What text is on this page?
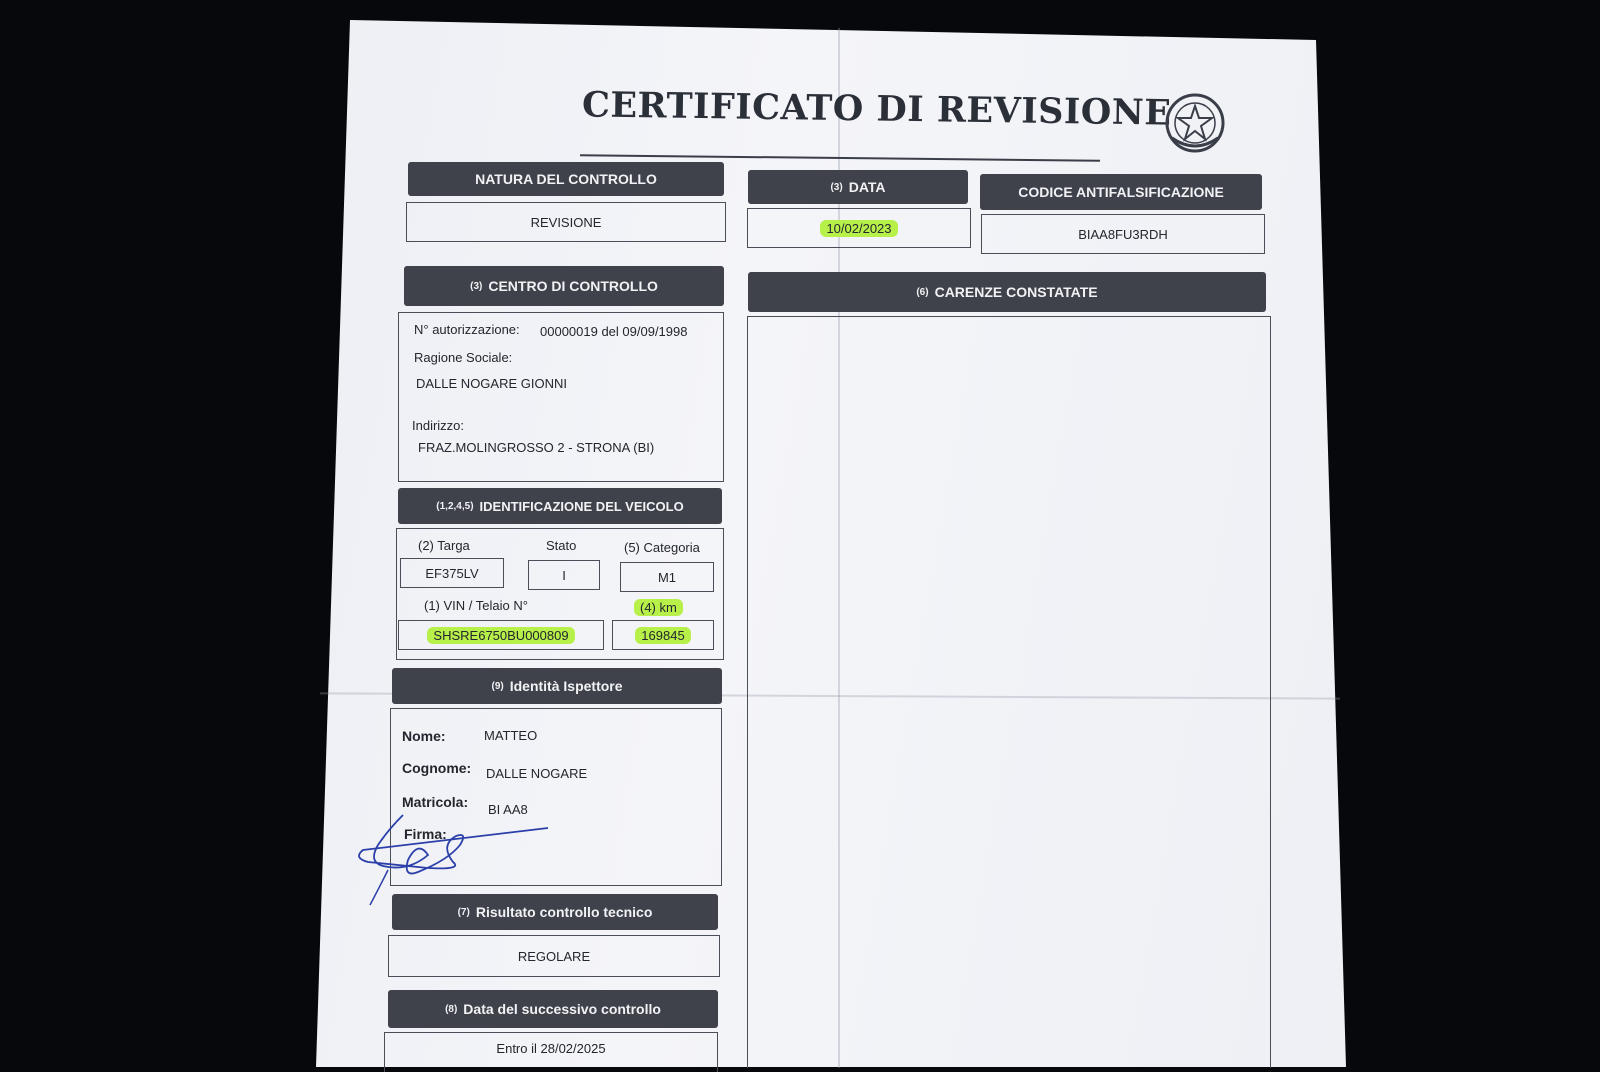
CERTIFICATO DI REVISIONE
NATURA DEL CONTROLLO
REVISIONE
(3) DATA
10/02/2023
CODICE ANTIFALSIFICAZIONE
BIAA8FU3RDH
(3) CENTRO DI CONTROLLO
N° autorizzazione: 00000019 del 09/09/1998
Ragione Sociale:
DALLE NOGARE GIONNI
Indirizzo:
FRAZ.MOLINGROSSO 2 - STRONA (BI)
(6) CARENZE CONSTATATE
(1,2,4,5) IDENTIFICAZIONE DEL VEICOLO
(2) Targa	Stato	(5) Categoria
EF375LV	I	M1
(1) VIN / Telaio N°	(4) km
SHSRE6750BU000809	169845
(9) Identità Ispettore
Nome:	MATTEO
Cognome: DALLE NOGARE
Matricola: BI AA8
Firma:
(7) Risultato controllo tecnico
REGOLARE
(8) Data del successivo controllo
Entro il 28/02/2025
